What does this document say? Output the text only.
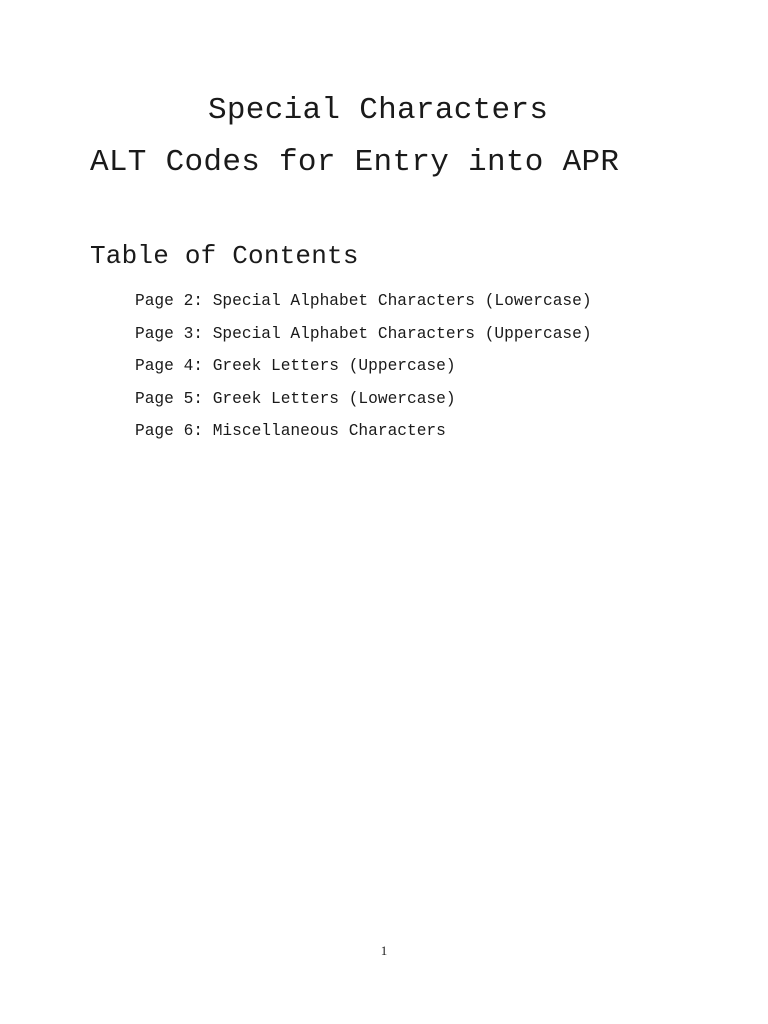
Special Characters
ALT Codes for Entry into APR
Table of Contents
Page 2: Special Alphabet Characters (Lowercase)
Page 3: Special Alphabet Characters (Uppercase)
Page 4: Greek Letters (Uppercase)
Page 5: Greek Letters (Lowercase)
Page 6: Miscellaneous Characters
1
